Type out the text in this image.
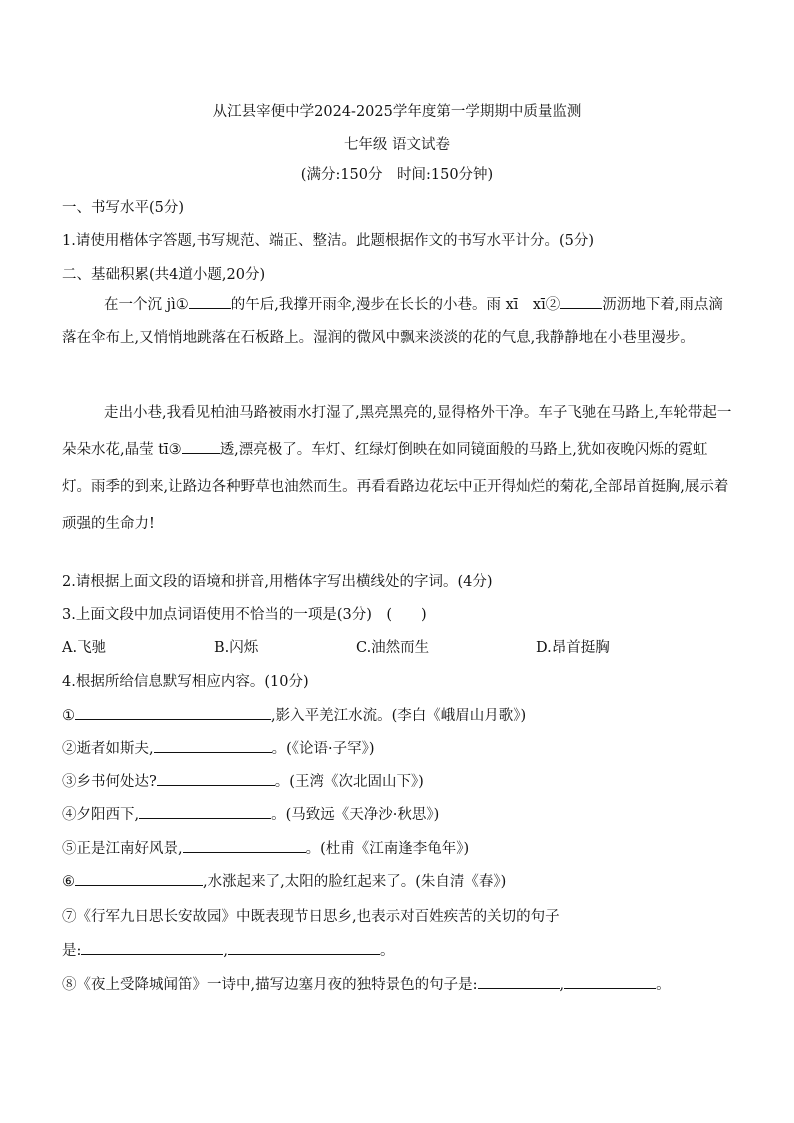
从江县宰便中学2024-2025学年度第一学期期中质量监测
七年级 语文试卷
(满分:150分　时间:150分钟)
一、书写水平(5分)
1.请使用楷体字答题,书写规范、端正、整洁。此题根据作文的书写水平计分。(5分)
二、基础积累(共4道小题,20分)
在一个沉 jì①	的午后,我撑开雨伞,漫步在长长的小巷。雨 xī　xī②	沥沥地下着,雨点滴落在伞布上,又悄悄地跳落在石板路上。湿润的微风中飘来淡淡的花的气息,我静静地在小巷里漫步。
走出小巷,我看见柏油马路被雨水打湿了,黑亮黑亮的,显得格外干净。车子飞驰在马路上,车轮带起一朵朵水花,晶莹 tī③	透,漂亮极了。车灯、红绿灯倒映在如同镜面般的马路上,犹如夜晚闪烁的霓虹灯。雨季的到来,让路边各种野草也油然而生。再看看路边花坛中正开得灿烂的菊花,全部昂首挺胸,展示着顽强的生命力!
2.请根据上面文段的语境和拼音,用楷体字写出横线处的字词。(4分)
3.上面文段中加点词语使用不恰当的一项是(3分)　(　　)
A.飞驰	B.闪烁	C.油然而生	D.昂首挺胸
4.根据所给信息默写相应内容。(10分)
①	,影入平羌江水流。(李白《峨眉山月歌》)
②逝者如斯夫,	。(《论语·子罕》)
③乡书何处达?	。(王湾《次北固山下》)
④夕阳西下,	。(马致远《天净沙·秋思》)
⑤正是江南好风景,	。(杜甫《江南逢李龟年》)
⑥	,水涨起来了,太阳的脸红起来了。(朱自清《春》)
⑦《行军九日思长安故园》中既表现节日思乡,也表示对百姓疾苦的关切的句子
是:	,	。
⑧《夜上受降城闻笛》一诗中,描写边塞月夜的独特景色的句子是:	,	。
